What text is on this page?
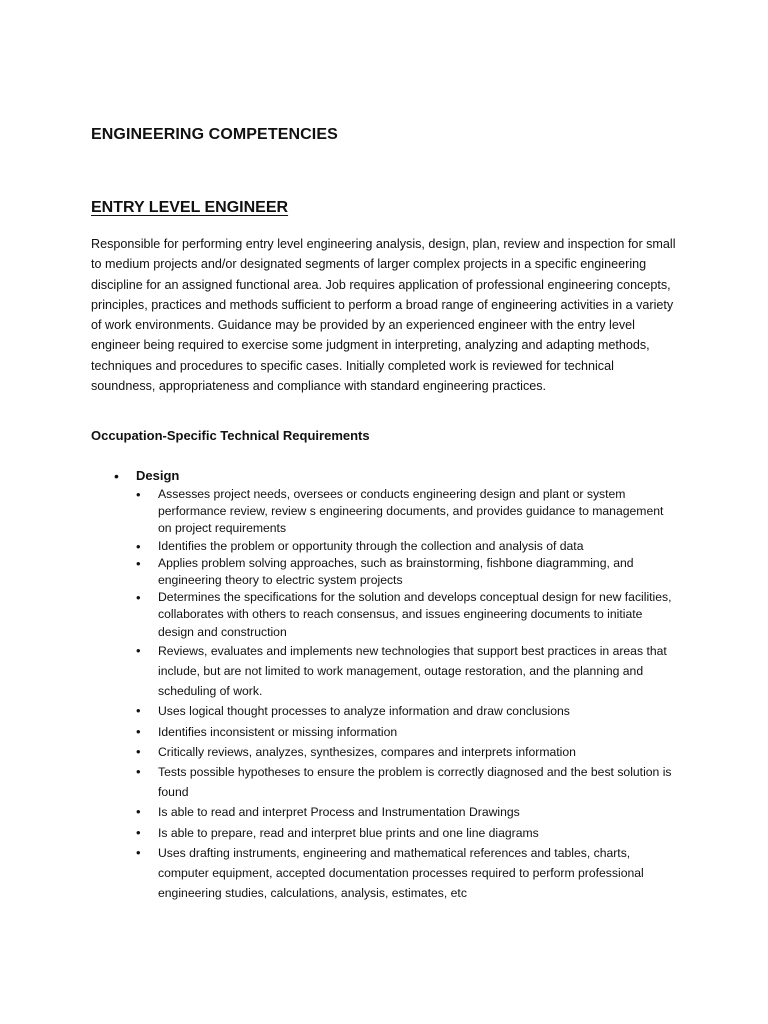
ENGINEERING COMPETENCIES
ENTRY LEVEL ENGINEER

Responsible for performing entry level engineering analysis, design, plan, review and inspection for small to medium projects and/or designated segments of larger complex projects in a specific engineering discipline for an assigned functional area. Job requires application of professional engineering concepts, principles, practices and methods sufficient to perform a broad range of engineering activities in a variety of work environments. Guidance may be provided by an experienced engineer with the entry level engineer being required to exercise some judgment in interpreting, analyzing and adapting methods, techniques and procedures to specific cases. Initially completed work is reviewed for technical soundness, appropriateness and compliance with standard engineering practices.

Occupation-Specific Technical Requirements
• Design
• Assesses project needs, oversees or conducts engineering design and plant or system performance review, review s engineering documents, and provides guidance to management on project requirements
• Identifies the problem or opportunity through the collection and analysis of data
• Applies problem solving approaches, such as brainstorming, fishbone diagramming, and engineering theory to electric system projects
• Determines the specifications for the solution and develops conceptual design for new facilities, collaborates with others to reach consensus, and issues engineering documents to initiate design and construction
• Reviews, evaluates and implements new technologies that support best practices in areas that include, but are not limited to work management, outage restoration, and the planning and scheduling of work.
• Uses logical thought processes to analyze information and draw conclusions
• Identifies inconsistent or missing information
• Critically reviews, analyzes, synthesizes, compares and interprets information
• Tests possible hypotheses to ensure the problem is correctly diagnosed and the best solution is found
• Is able to read and interpret Process and Instrumentation Drawings
• Is able to prepare, read and interpret blue prints and one line diagrams
• Uses drafting instruments, engineering and mathematical references and tables, charts, computer equipment, accepted documentation processes required to perform professional engineering studies, calculations, analysis, estimates, etc
